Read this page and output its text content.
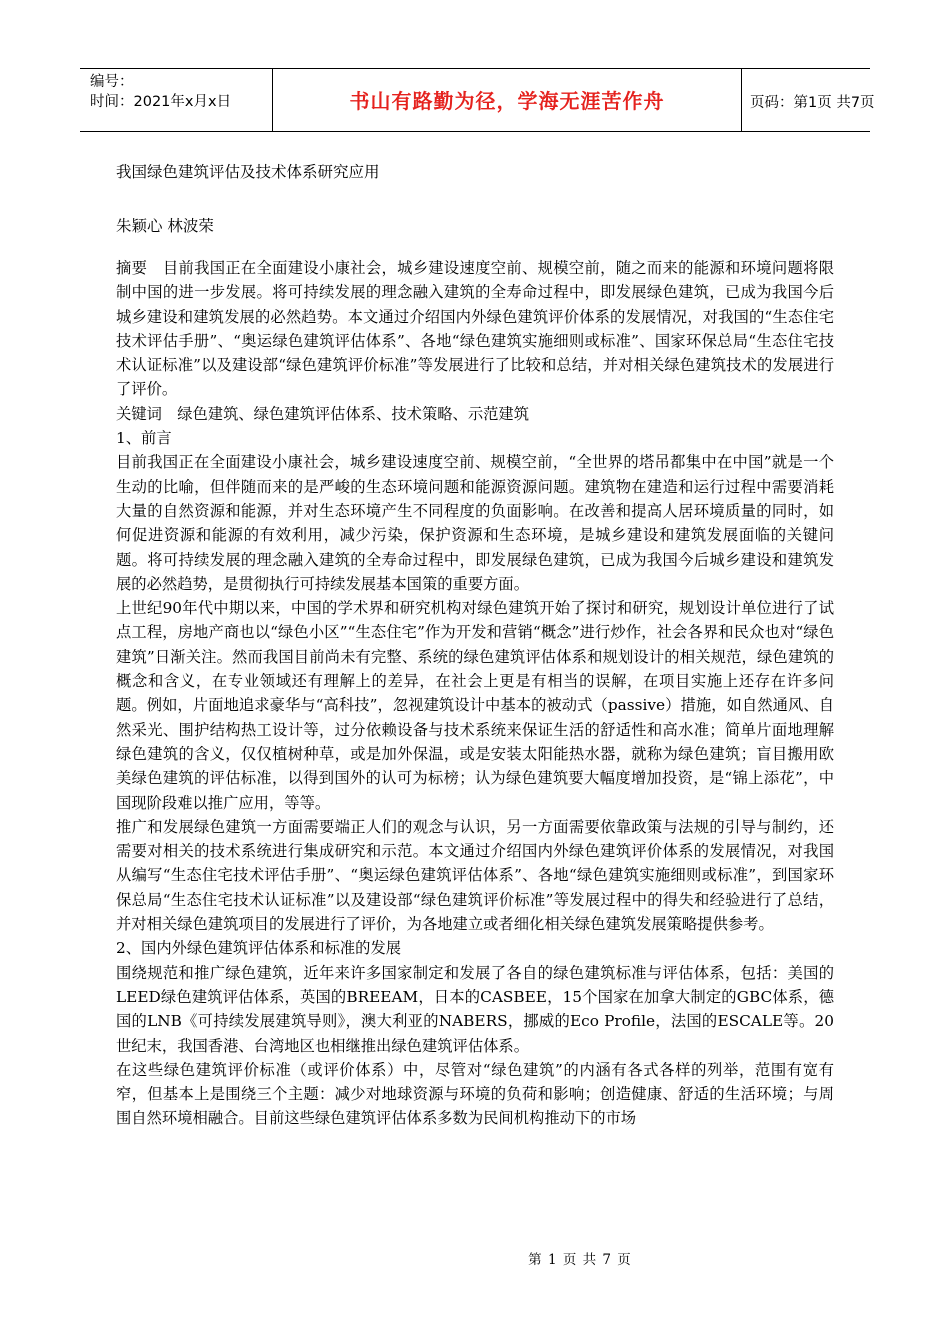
编号：
时间：2021年x月x日	书山有路勤为径，学海无涯苦作舟	页码：第1页 共7页
我国绿色建筑评估及技术体系研究应用
朱颖心 林波荣

摘要　目前我国正在全面建设小康社会，城乡建设速度空前、规模空前，随之而来的能源和环境问题将限制中国的进一步发展。将可持续发展的理念融入建筑的全寿命过程中，即发展绿色建筑，已成为我国今后城乡建设和建筑发展的必然趋势。本文通过介绍国内外绿色建筑评价体系的发展情况，对我国的“生态住宅技术评估手册”、“奥运绿色建筑评估体系”、各地“绿色建筑实施细则或标准”、国家环保总局“生态住宅技术认证标准”以及建设部“绿色建筑评价标准”等发展进行了比较和总结，并对相关绿色建筑技术的发展进行了评价。

关键词　绿色建筑、绿色建筑评估体系、技术策略、示范建筑

1、前言

目前我国正在全面建设小康社会，城乡建设速度空前、规模空前，“全世界的塔吊都集中在中国”就是一个生动的比喻，但伴随而来的是严峻的生态环境问题和能源资源问题。建筑物在建造和运行过程中需要消耗大量的自然资源和能源，并对生态环境产生不同程度的负面影响。在改善和提高人居环境质量的同时，如何促进资源和能源的有效利用，减少污染，保护资源和生态环境，是城乡建设和建筑发展面临的关键问题。将可持续发展的理念融入建筑的全寿命过程中，即发展绿色建筑，已成为我国今后城乡建设和建筑发展的必然趋势，是贯彻执行可持续发展基本国策的重要方面。

上世纪90年代中期以来，中国的学术界和研究机构对绿色建筑开始了探讨和研究，规划设计单位进行了试点工程，房地产商也以“绿色小区”“生态住宅”作为开发和营销“概念”进行炒作，社会各界和民众也对“绿色建筑”日渐关注。然而我国目前尚未有完整、系统的绿色建筑评估体系和规划设计的相关规范，绿色建筑的概念和含义，在专业领域还有理解上的差异，在社会上更是有相当的误解，在项目实施上还存在许多问题。例如，片面地追求豪华与“高科技”，忽视建筑设计中基本的被动式（passive）措施，如自然通风、自然采光、围护结构热工设计等，过分依赖设备与技术系统来保证生活的舒适性和高水准；简单片面地理解绿色建筑的含义，仅仅植树种草，或是加外保温，或是安装太阳能热水器，就称为绿色建筑；盲目搬用欧美绿色建筑的评估标准，以得到国外的认可为标榜；认为绿色建筑要大幅度增加投资，是“锦上添花”，中国现阶段难以推广应用，等等。

推广和发展绿色建筑一方面需要端正人们的观念与认识，另一方面需要依靠政策与法规的引导与制约，还需要对相关的技术系统进行集成研究和示范。本文通过介绍国内外绿色建筑评价体系的发展情况，对我国从编写“生态住宅技术评估手册”、“奥运绿色建筑评估体系”、各地“绿色建筑实施细则或标准”，到国家环保总局“生态住宅技术认证标准”以及建设部“绿色建筑评价标准”等发展过程中的得失和经验进行了总结，并对相关绿色建筑项目的发展进行了评价，为各地建立或者细化相关绿色建筑发展策略提供参考。

2、国内外绿色建筑评估体系和标准的发展

围绕规范和推广绿色建筑，近年来许多国家制定和发展了各自的绿色建筑标准与评估体系，包括：美国的LEED绿色建筑评估体系，英国的BREEAM，日本的CASBEE，15个国家在加拿大制定的GBC体系，德国的LNB《可持续发展建筑导则》，澳大利亚的NABERS，挪威的Eco Profile，法国的ESCALE等。20世纪末，我国香港、台湾地区也相继推出绿色建筑评估体系。

在这些绿色建筑评价标准（或评价体系）中，尽管对“绿色建筑”的内涵有各式各样的列举，范围有宽有窄，但基本上是围绕三个主题：减少对地球资源与环境的负荷和影响；创造健康、舒适的生活环境；与周围自然环境相融合。目前这些绿色建筑评估体系多数为民间机构推动下的市场

第 1 页 共 7 页
